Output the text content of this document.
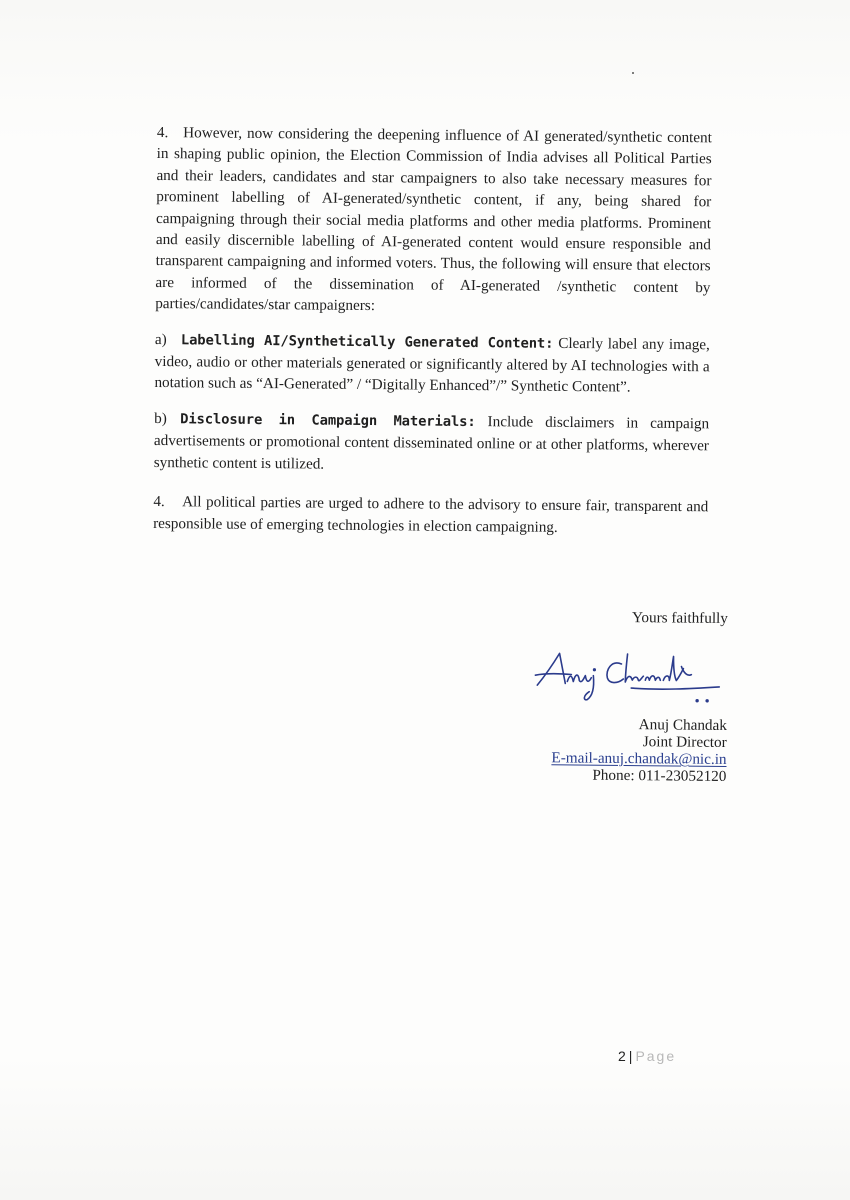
4. However, now considering the deepening influence of AI generated/synthetic content in shaping public opinion, the Election Commission of India advises all Political Parties and their leaders, candidates and star campaigners to also take necessary measures for prominent labelling of AI-generated/synthetic content, if any, being shared for campaigning through their social media platforms and other media platforms. Prominent and easily discernible labelling of AI-generated content would ensure responsible and transparent campaigning and informed voters. Thus, the following will ensure that electors are informed of the dissemination of AI-generated /synthetic content by parties/candidates/star campaigners:

a) Labelling AI/Synthetically Generated Content: Clearly label any image, video, audio or other materials generated or significantly altered by AI technologies with a notation such as “AI-Generated” / “Digitally Enhanced”/” Synthetic Content”.

b) Disclosure in Campaign Materials: Include disclaimers in campaign advertisements or promotional content disseminated online or at other platforms, wherever synthetic content is utilized.

4. All political parties are urged to adhere to the advisory to ensure fair, transparent and responsible use of emerging technologies in election campaigning.

Yours faithfully
Anuj Chandak
Joint Director
E-mail-anuj.chandak@nic.in
Phone: 011-23052120
2 | Page
